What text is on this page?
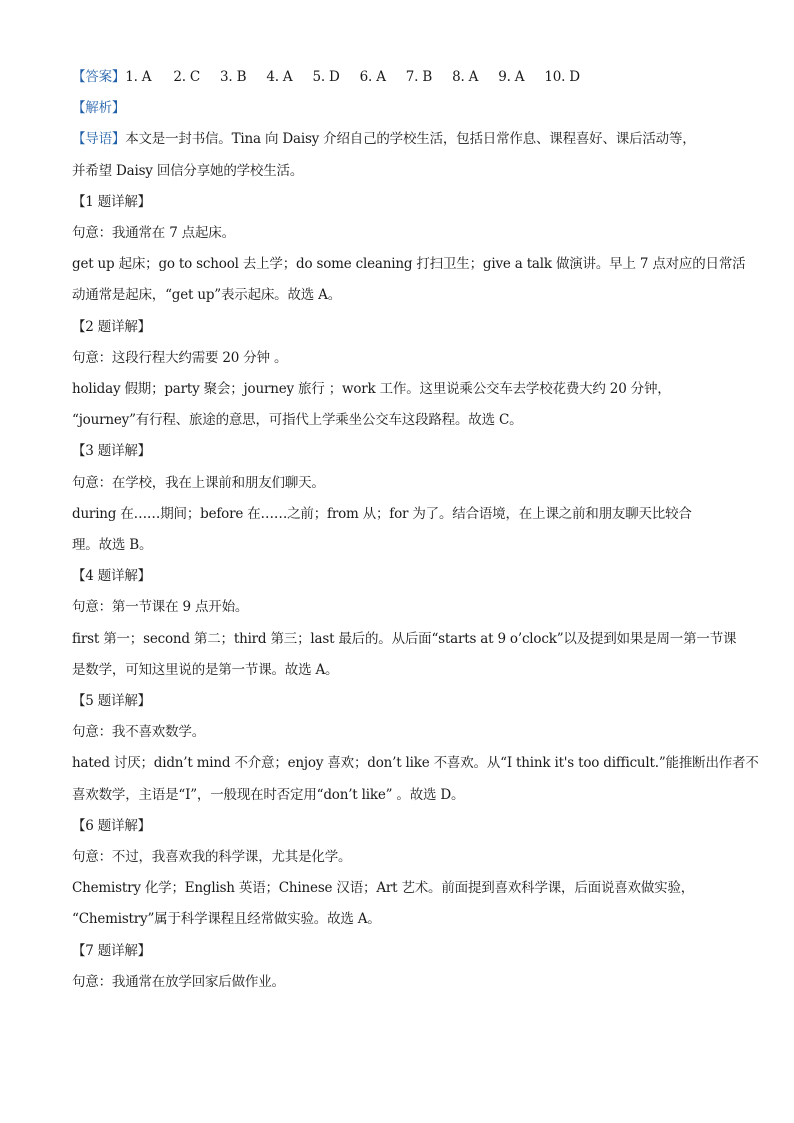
【答案】1. A 2. C 3. B 4. A 5. D 6. A 7. B 8. A 9. A 10. D
【解析】
【导语】本文是一封书信。Tina 向 Daisy 介绍自己的学校生活，包括日常作息、课程喜好、课后活动等，
并希望 Daisy 回信分享她的学校生活。
【1 题详解】
句意：我通常在 7 点起床。
get up 起床；go to school 去上学；do some cleaning 打扫卫生；give a talk 做演讲。早上 7 点对应的日常活
动通常是起床，“get up”表示起床。故选 A。
【2 题详解】
句意：这段行程大约需要 20 分钟 。
holiday 假期；party 聚会；journey 旅行 ；work 工作。这里说乘公交车去学校花费大约 20 分钟，
“journey”有行程、旅途的意思，可指代上学乘坐公交车这段路程。故选 C。
【3 题详解】
句意：在学校，我在上课前和朋友们聊天。
during 在……期间；before 在……之前；from 从；for 为了。结合语境，在上课之前和朋友聊天比较合
理。故选 B。
【4 题详解】
句意：第一节课在 9 点开始。
first 第一；second 第二；third 第三；last 最后的。从后面“starts at 9 o’clock”以及提到如果是周一第一节课
是数学，可知这里说的是第一节课。故选 A。
【5 题详解】
句意：我不喜欢数学。
hated 讨厌；didn’t mind 不介意；enjoy 喜欢；don’t like 不喜欢。从“I think it's too difficult.”能推断出作者不
喜欢数学，主语是“I”，一般现在时否定用“don’t like” 。故选 D。
【6 题详解】
句意：不过，我喜欢我的科学课，尤其是化学。
Chemistry 化学；English 英语；Chinese 汉语；Art 艺术。前面提到喜欢科学课，后面说喜欢做实验，
“Chemistry”属于科学课程且经常做实验。故选 A。
【7 题详解】
句意：我通常在放学回家后做作业。
